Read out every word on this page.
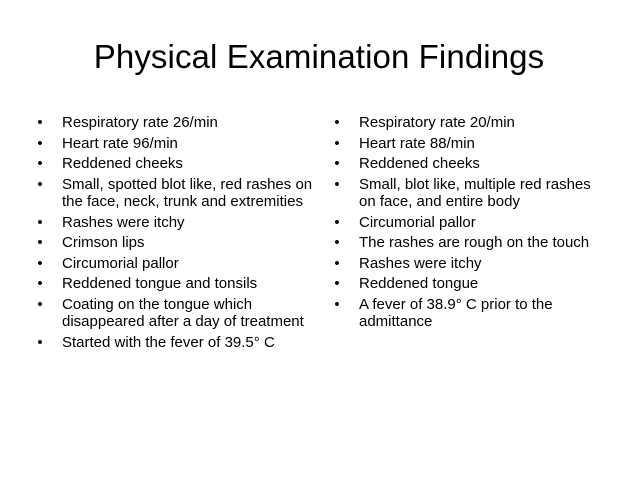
Physical Examination Findings
• Respiratory rate 26/min
• Heart rate 96/min
• Reddened cheeks
• Small, spotted blot like, red rashes on the face, neck, trunk and extremities
• Rashes were itchy
• Crimson lips
• Circumorial pallor
• Reddened tongue and tonsils
• Coating on the tongue which disappeared after a day of treatment
• Started with the fever of 39.5° C
• Respiratory rate 20/min
• Heart rate 88/min
• Reddened cheeks
• Small, blot like, multiple red rashes on face, and entire body
• Circumorial pallor
• The rashes are rough on the touch
• Rashes were itchy
• Reddened tongue
• A fever of 38.9° C prior to the admittance
